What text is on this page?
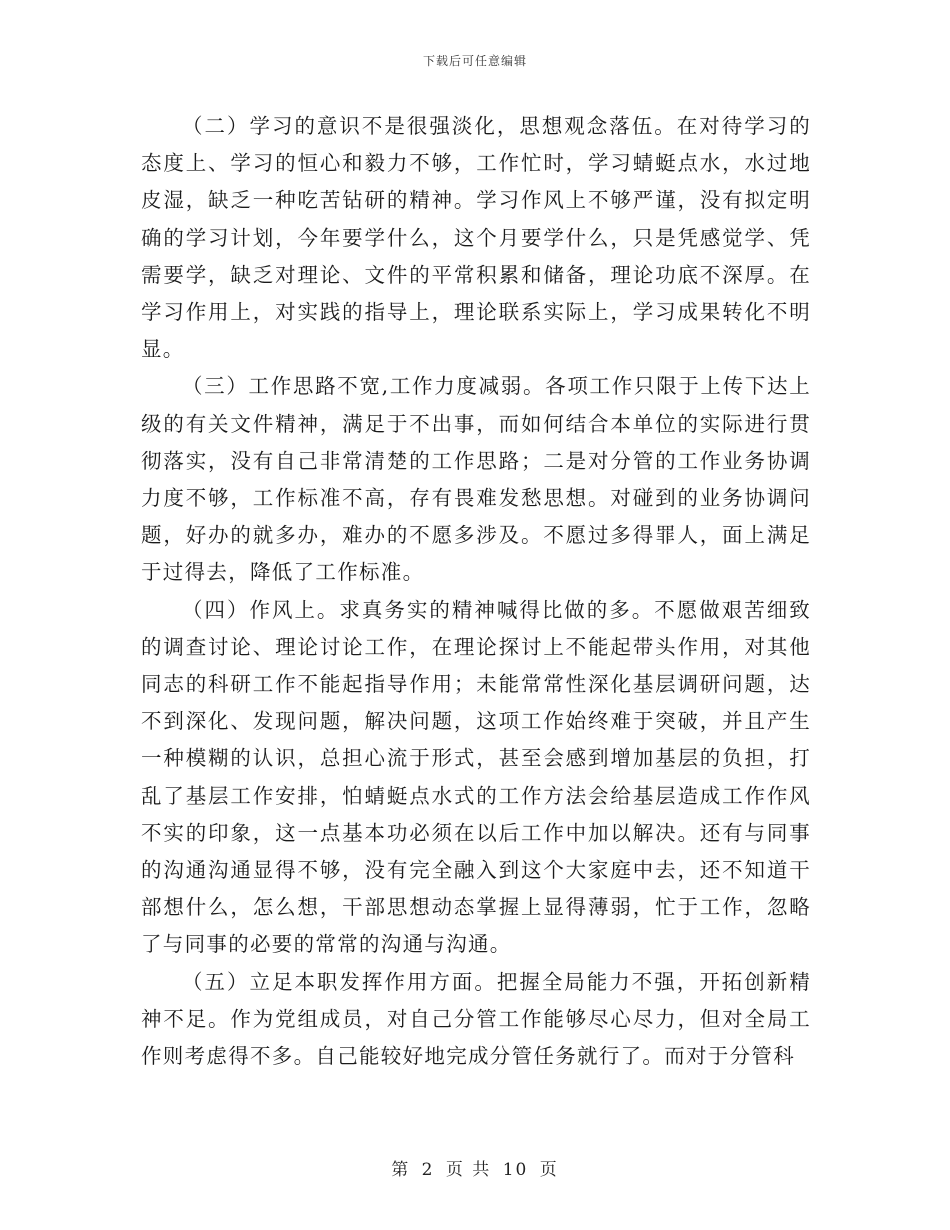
下载后可任意编辑

（二）学习的意识不是很强淡化，思想观念落伍。在对待学习的态度上、学习的恒心和毅力不够，工作忙时，学习蜻蜓点水，水过地皮湿，缺乏一种吃苦钻研的精神。学习作风上不够严谨，没有拟定明确的学习计划，今年要学什么，这个月要学什么，只是凭感觉学、凭需要学，缺乏对理论、文件的平常积累和储备，理论功底不深厚。在学习作用上，对实践的指导上，理论联系实际上，学习成果转化不明显。

（三）工作思路不宽,工作力度减弱。各项工作只限于上传下达上级的有关文件精神，满足于不出事，而如何结合本单位的实际进行贯彻落实，没有自己非常清楚的工作思路；二是对分管的工作业务协调力度不够，工作标准不高，存有畏难发愁思想。对碰到的业务协调问题，好办的就多办，难办的不愿多涉及。不愿过多得罪人，面上满足于过得去，降低了工作标准。

（四）作风上。求真务实的精神喊得比做的多。不愿做艰苦细致的调查讨论、理论讨论工作，在理论探讨上不能起带头作用，对其他同志的科研工作不能起指导作用；未能常常性深化基层调研问题，达不到深化、发现问题，解决问题，这项工作始终难于突破，并且产生一种模糊的认识，总担心流于形式，甚至会感到增加基层的负担，打乱了基层工作安排，怕蜻蜓点水式的工作方法会给基层造成工作作风不实的印象，这一点基本功必须在以后工作中加以解决。还有与同事的沟通沟通显得不够，没有完全融入到这个大家庭中去，还不知道干部想什么，怎么想，干部思想动态掌握上显得薄弱，忙于工作，忽略了与同事的必要的常常的沟通与沟通。

（五）立足本职发挥作用方面。把握全局能力不强，开拓创新精神不足。作为党组成员，对自己分管工作能够尽心尽力，但对全局工作则考虑得不多。自己能较好地完成分管任务就行了。而对于分管科

第 2 页 共 10 页
